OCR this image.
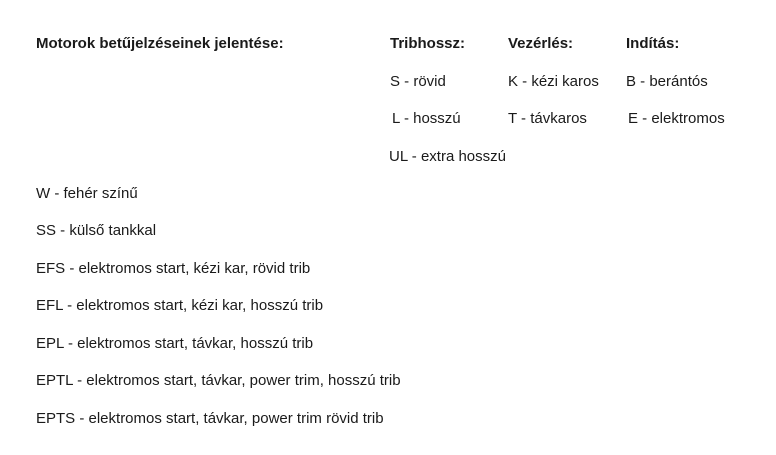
Motorok betűjelzéseinek jelentése:	Tribhossz:
S - rövid
L - hosszú
UL - extra hosszú
Vezérlés:
K - kézi karos
T - távkaros
Indítás:
B - berántós
E - elektromos
W - fehér színű
SS - külső tankkal
EFS - elektromos start, kézi kar, rövid trib
EFL - elektromos start, kézi kar, hosszú trib
EPL - elektromos start, távkar, hosszú trib
EPTL - elektromos start, távkar, power trim, hosszú trib
EPTS - elektromos start, távkar, power trim rövid trib
